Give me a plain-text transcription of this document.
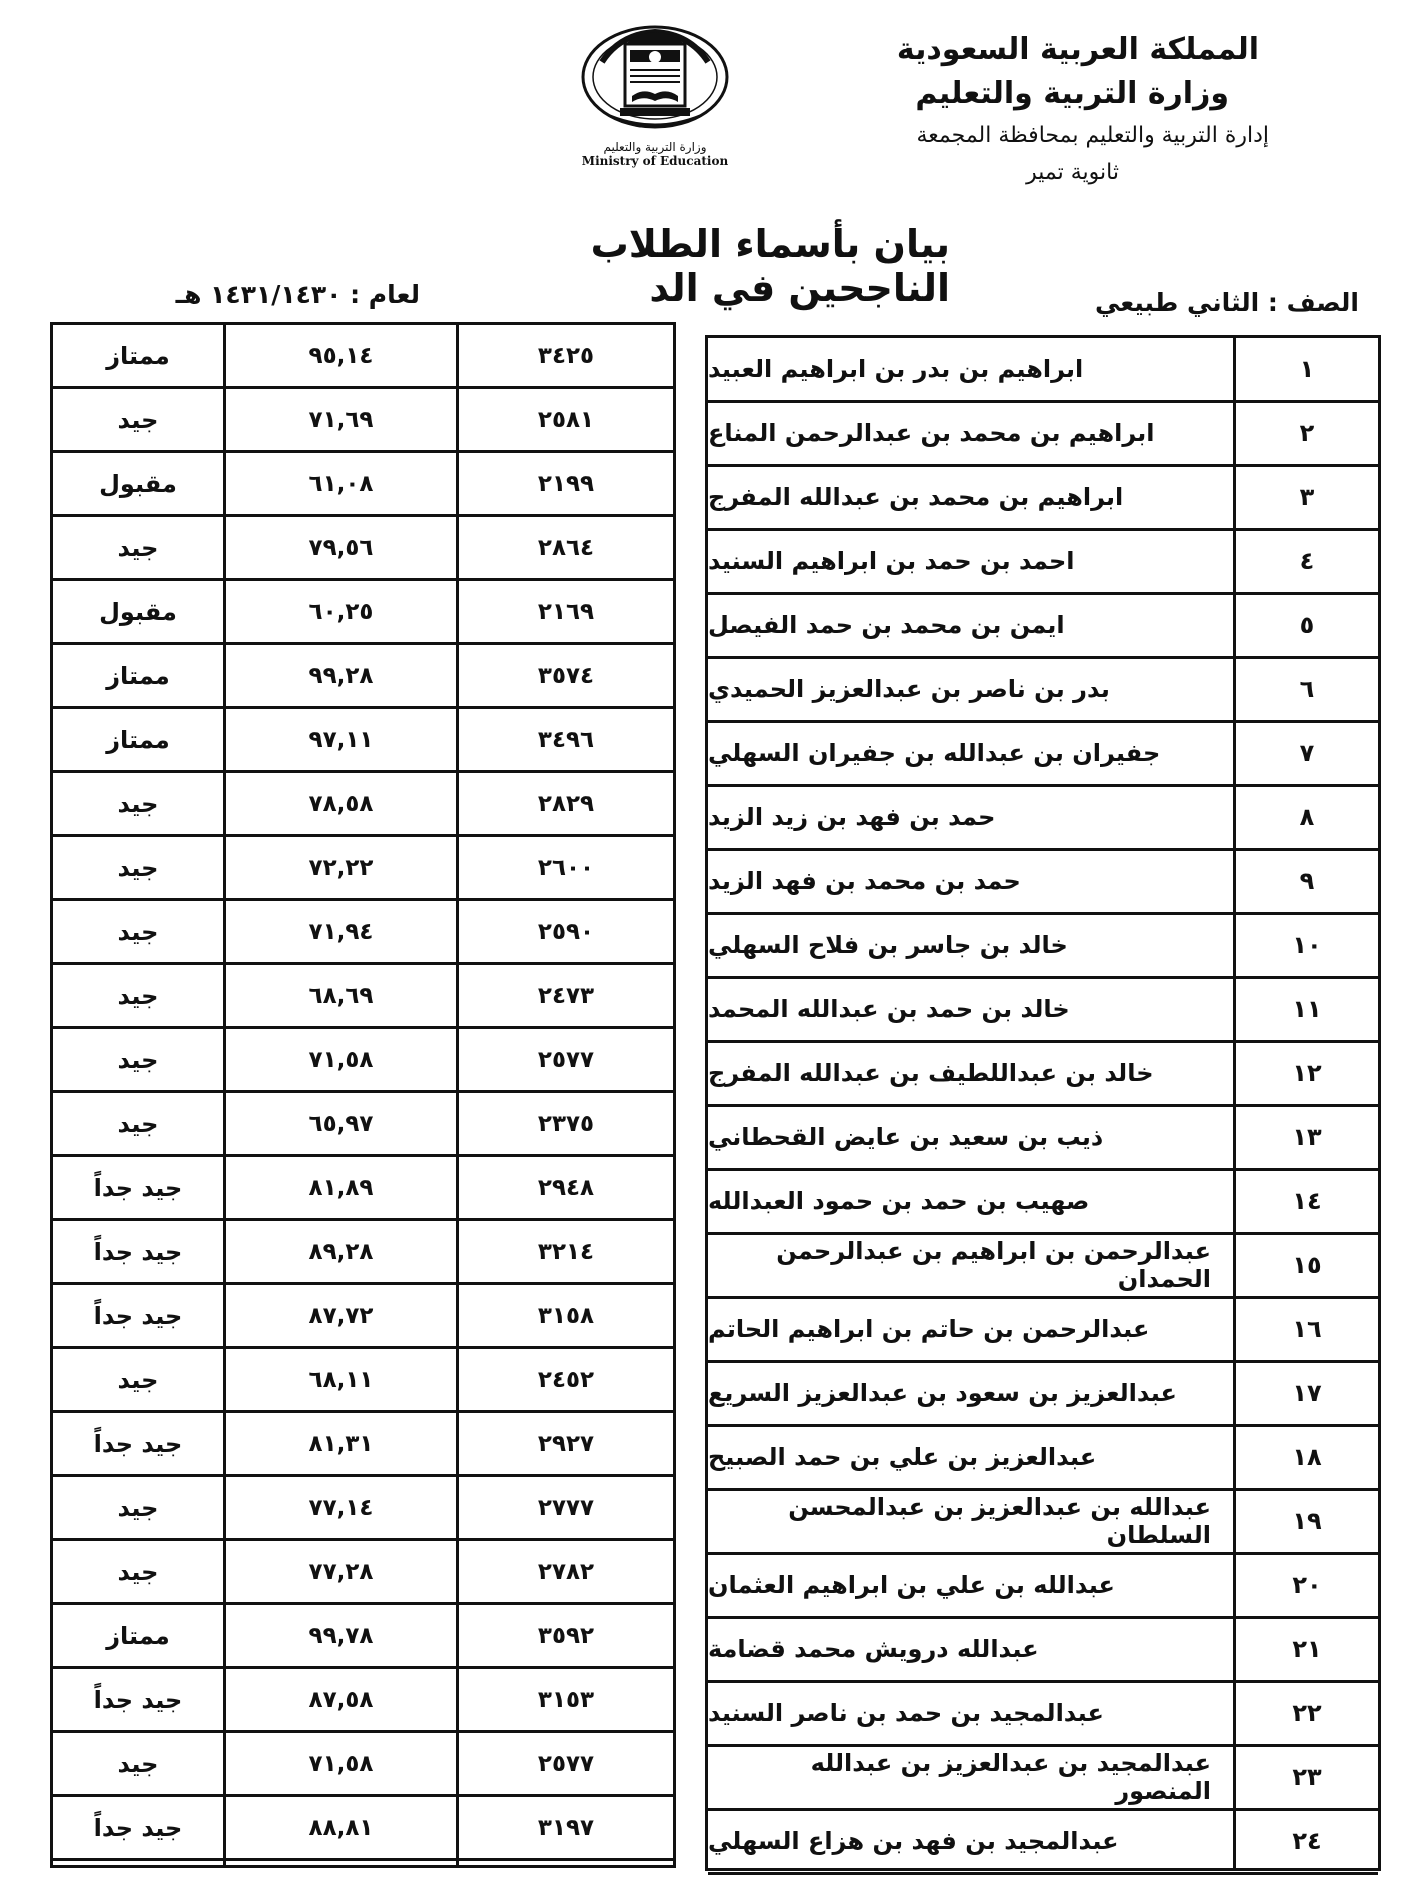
المملكة العربية السعودية
وزارة التربية والتعليم
إدارة التربية والتعليم بمحافظة المجمعة
ثانوية تمير
وزارة التربية والتعليم
Ministry of Education
بيان بأسماء الطلاب الناجحين في الد
لعام : ١٤٣١/١٤٣٠ هـ	الصف : الثاني طبيعي
ممتاز	٩٥,١٤	٣٤٢٥
جيد	٧١,٦٩	٢٥٨١
مقبول	٦١,٠٨	٢١٩٩
جيد	٧٩,٥٦	٢٨٦٤
مقبول	٦٠,٢٥	٢١٦٩
ممتاز	٩٩,٢٨	٣٥٧٤
ممتاز	٩٧,١١	٣٤٩٦
جيد	٧٨,٥٨	٢٨٢٩
جيد	٧٢,٢٢	٢٦٠٠
جيد	٧١,٩٤	٢٥٩٠
جيد	٦٨,٦٩	٢٤٧٣
جيد	٧١,٥٨	٢٥٧٧
جيد	٦٥,٩٧	٢٣٧٥
جيد جداً	٨١,٨٩	٢٩٤٨
جيد جداً	٨٩,٢٨	٣٢١٤
جيد جداً	٨٧,٧٢	٣١٥٨
جيد	٦٨,١١	٢٤٥٢
جيد جداً	٨١,٣١	٢٩٢٧
جيد	٧٧,١٤	٢٧٧٧
جيد	٧٧,٢٨	٢٧٨٢
ممتاز	٩٩,٧٨	٣٥٩٢
جيد جداً	٨٧,٥٨	٣١٥٣
جيد	٧١,٥٨	٢٥٧٧
جيد جداً	٨٨,٨١	٣١٩٧
ابراهيم بن بدر بن ابراهيم العبيد	١
ابراهيم بن محمد بن عبدالرحمن المناع	٢
ابراهيم بن محمد بن عبدالله المفرج	٣
احمد بن حمد بن ابراهيم السنيد	٤
ايمن بن محمد بن حمد الفيصل	٥
بدر بن ناصر بن عبدالعزيز الحميدي	٦
جفيران بن عبدالله بن جفيران السهلي	٧
حمد بن فهد بن زيد الزيد	٨
حمد بن محمد بن فهد الزيد	٩
خالد بن جاسر بن فلاح السهلي	١٠
خالد بن حمد بن عبدالله المحمد	١١
خالد بن عبداللطيف بن عبدالله المفرج	١٢
ذيب بن سعيد بن عايض القحطاني	١٣
صهيب بن حمد بن حمود العبدالله	١٤
عبدالرحمن بن ابراهيم بن عبدالرحمن الحمدان	١٥
عبدالرحمن بن حاتم بن ابراهيم الحاتم	١٦
عبدالعزيز بن سعود بن عبدالعزيز السريع	١٧
عبدالعزيز بن علي بن حمد الصبيح	١٨
عبدالله بن عبدالعزيز بن عبدالمحسن السلطان	١٩
عبدالله بن علي بن ابراهيم العثمان	٢٠
عبدالله درويش محمد قضامة	٢١
عبدالمجيد بن حمد بن ناصر السنيد	٢٢
عبدالمجيد بن عبدالعزيز بن عبدالله المنصور	٢٣
عبدالمجيد بن فهد بن هزاع السهلي	٢٤
